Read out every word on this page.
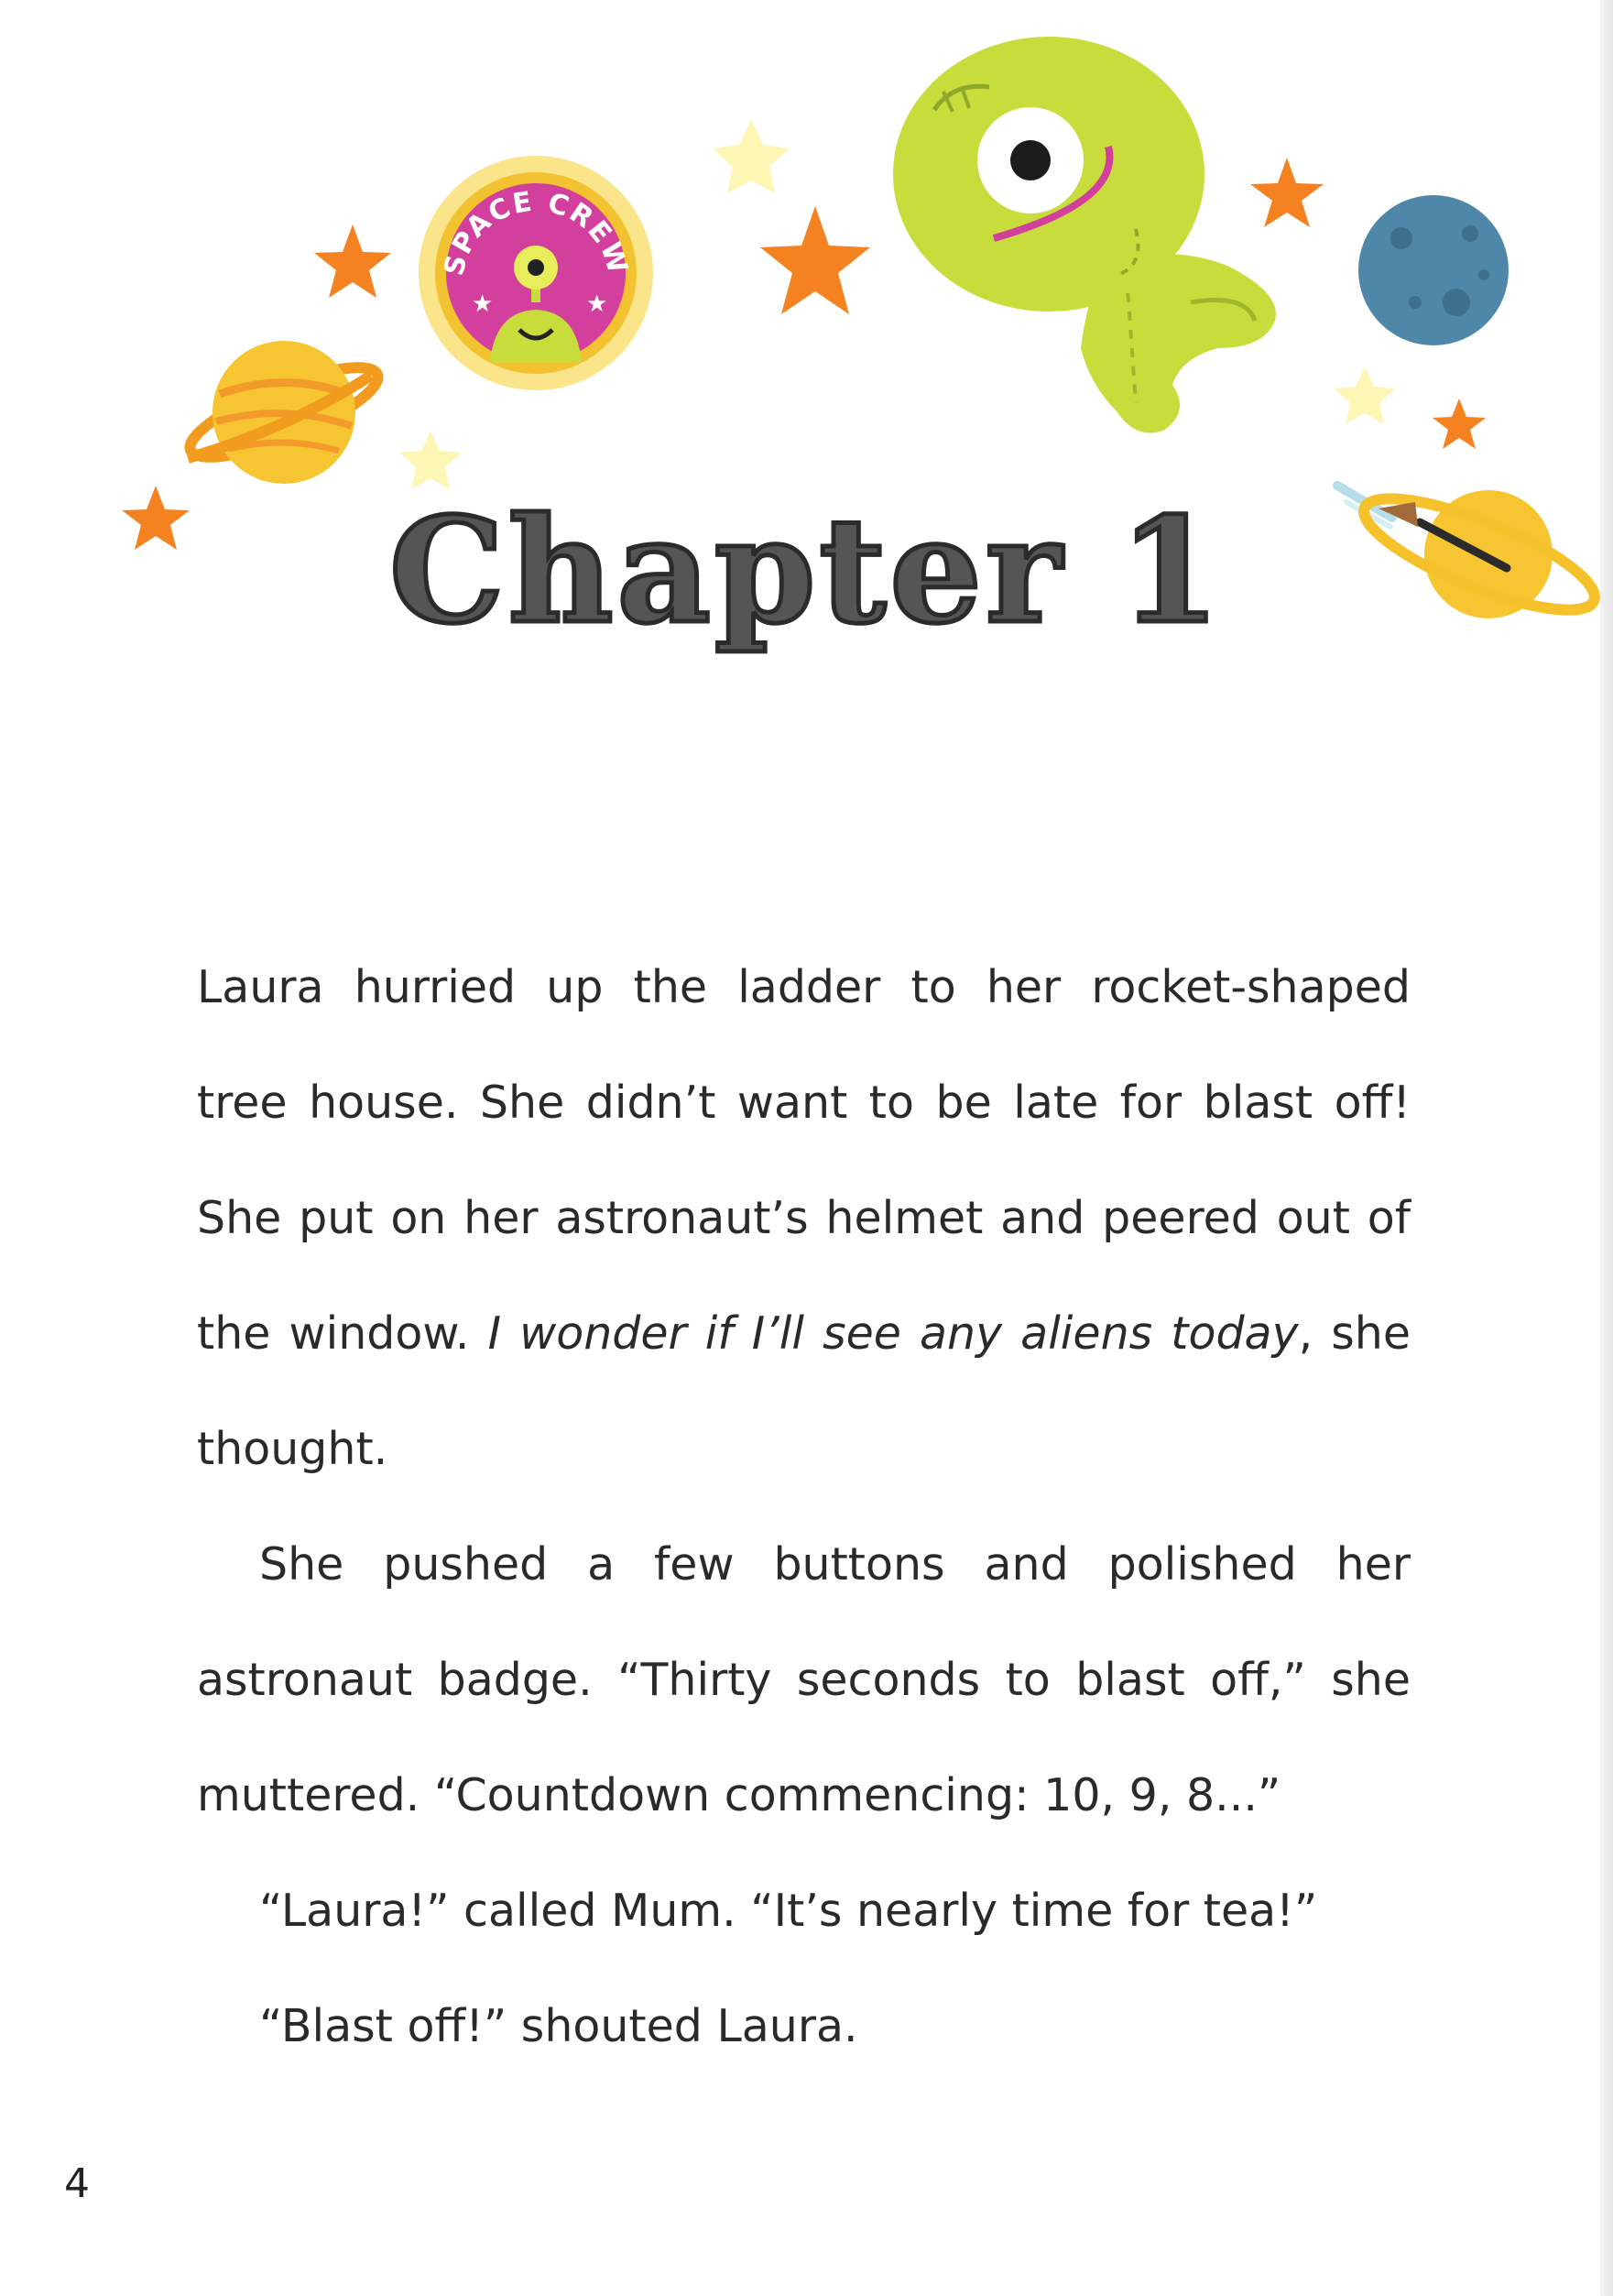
SPACE CREW
★	★
Chapter 1

Laura hurried up the ladder to her rocket-shaped
tree house. She didn’t want to be late for blast off!
She put on her astronaut’s helmet and peered out of
the window. I wonder if I’ll see any aliens today, she
thought.

She pushed a few buttons and polished her
astronaut badge. “Thirty seconds to blast off,” she
muttered. “Countdown commencing: 10, 9, 8...”

“Laura!” called Mum. “It’s nearly time for tea!”

“Blast off!” shouted Laura.

4
